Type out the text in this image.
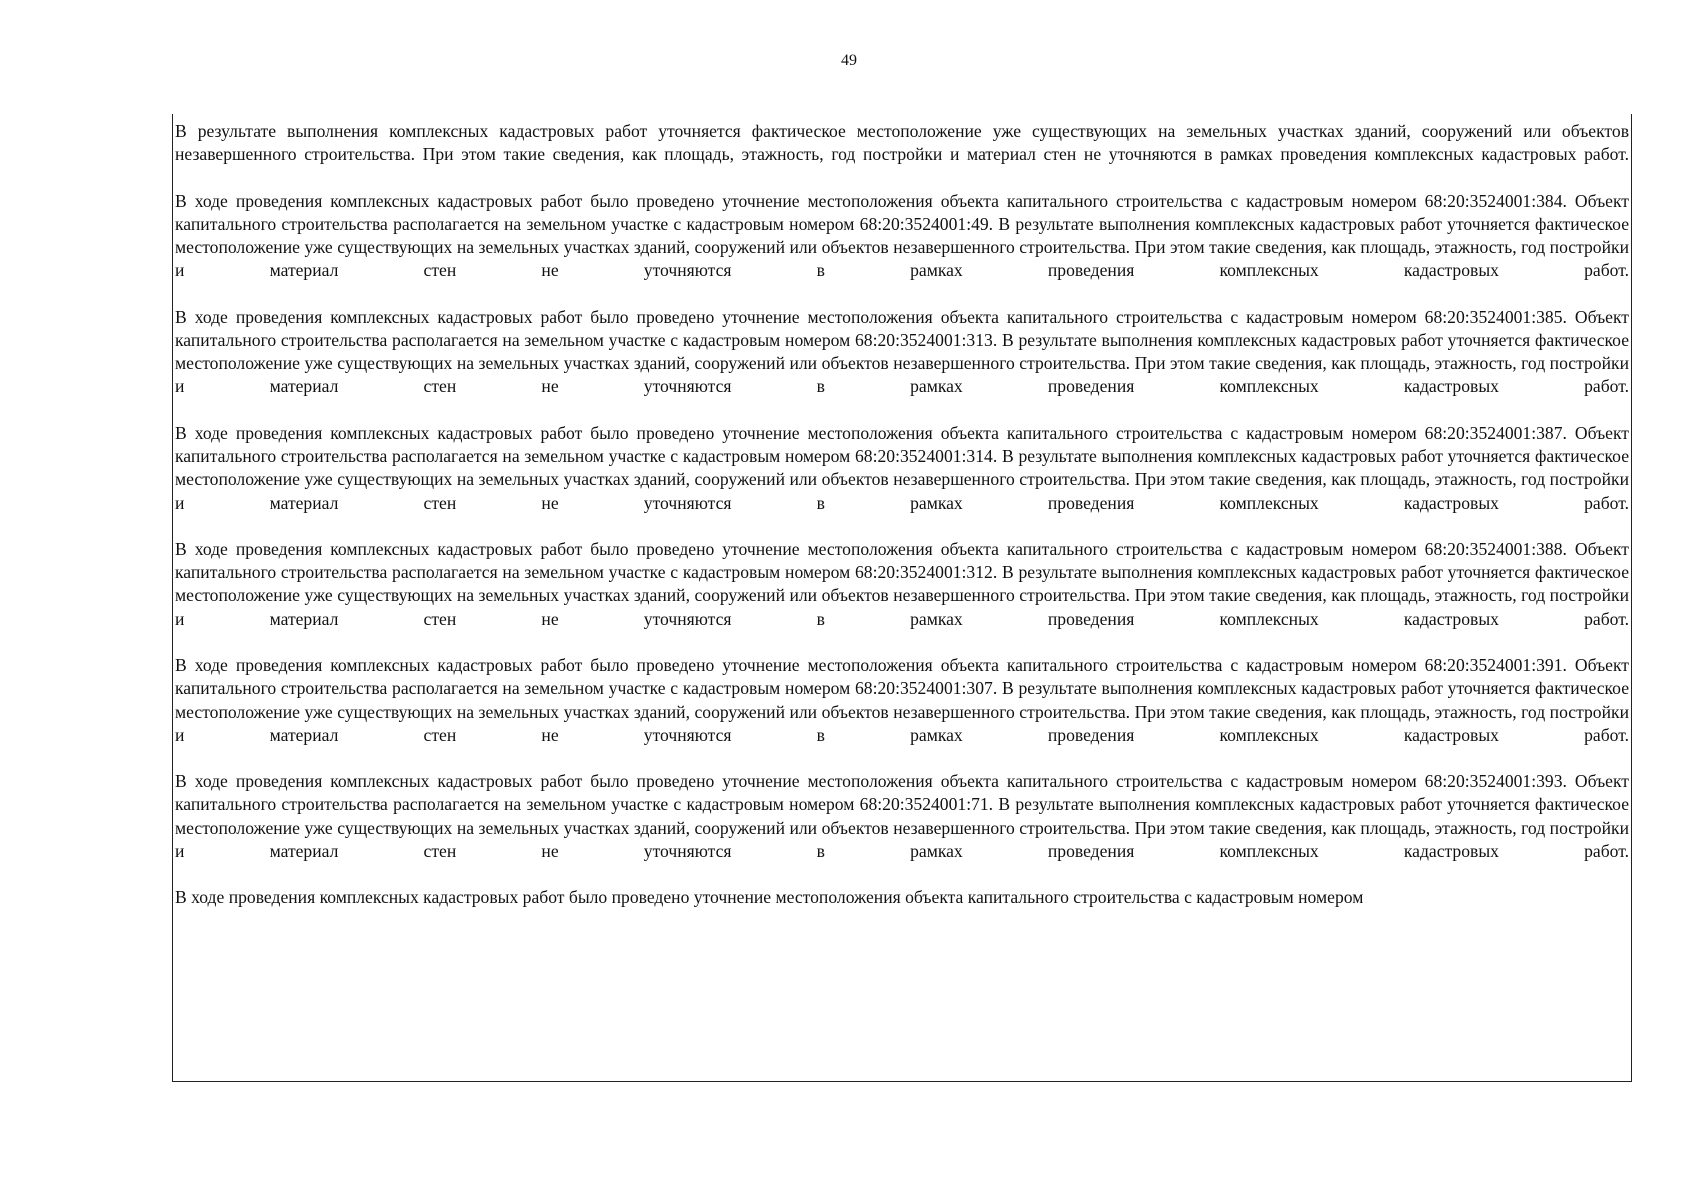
49

В результате выполнения комплексных кадастровых работ уточняется фактическое местоположение уже существующих на земельных участках зданий, сооружений или объектов незавершенного строительства. При этом такие сведения, как площадь, этажность, год постройки и материал стен не уточняются в рамках проведения комплексных кадастровых работ.

В ходе проведения комплексных кадастровых работ было проведено уточнение местоположения объекта капитального строительства с кадастровым номером 68:20:3524001:384. Объект капитального строительства располагается на земельном участке с кадастровым номером 68:20:3524001:49. В результате выполнения комплексных кадастровых работ уточняется фактическое местоположение уже существующих на земельных участках зданий, сооружений или объектов незавершенного строительства. При этом такие сведения, как площадь, этажность, год постройки и материал стен не уточняются в рамках проведения комплексных кадастровых работ.

В ходе проведения комплексных кадастровых работ было проведено уточнение местоположения объекта капитального строительства с кадастровым номером 68:20:3524001:385. Объект капитального строительства располагается на земельном участке с кадастровым номером 68:20:3524001:313. В результате выполнения комплексных кадастровых работ уточняется фактическое местоположение уже существующих на земельных участках зданий, сооружений или объектов незавершенного строительства. При этом такие сведения, как площадь, этажность, год постройки и материал стен не уточняются в рамках проведения комплексных кадастровых работ.

В ходе проведения комплексных кадастровых работ было проведено уточнение местоположения объекта капитального строительства с кадастровым номером 68:20:3524001:387. Объект капитального строительства располагается на земельном участке с кадастровым номером 68:20:3524001:314. В результате выполнения комплексных кадастровых работ уточняется фактическое местоположение уже существующих на земельных участках зданий, сооружений или объектов незавершенного строительства. При этом такие сведения, как площадь, этажность, год постройки и материал стен не уточняются в рамках проведения комплексных кадастровых работ.

В ходе проведения комплексных кадастровых работ было проведено уточнение местоположения объекта капитального строительства с кадастровым номером 68:20:3524001:388. Объект капитального строительства располагается на земельном участке с кадастровым номером 68:20:3524001:312. В результате выполнения комплексных кадастровых работ уточняется фактическое местоположение уже существующих на земельных участках зданий, сооружений или объектов незавершенного строительства. При этом такие сведения, как площадь, этажность, год постройки и материал стен не уточняются в рамках проведения комплексных кадастровых работ.

В ходе проведения комплексных кадастровых работ было проведено уточнение местоположения объекта капитального строительства с кадастровым номером 68:20:3524001:391. Объект капитального строительства располагается на земельном участке с кадастровым номером 68:20:3524001:307. В результате выполнения комплексных кадастровых работ уточняется фактическое местоположение уже существующих на земельных участках зданий, сооружений или объектов незавершенного строительства. При этом такие сведения, как площадь, этажность, год постройки и материал стен не уточняются в рамках проведения комплексных кадастровых работ.

В ходе проведения комплексных кадастровых работ было проведено уточнение местоположения объекта капитального строительства с кадастровым номером 68:20:3524001:393. Объект капитального строительства располагается на земельном участке с кадастровым номером 68:20:3524001:71. В результате выполнения комплексных кадастровых работ уточняется фактическое местоположение уже существующих на земельных участках зданий, сооружений или объектов незавершенного строительства. При этом такие сведения, как площадь, этажность, год постройки и материал стен не уточняются в рамках проведения комплексных кадастровых работ.

В ходе проведения комплексных кадастровых работ было проведено уточнение местоположения объекта капитального строительства с кадастровым номером
